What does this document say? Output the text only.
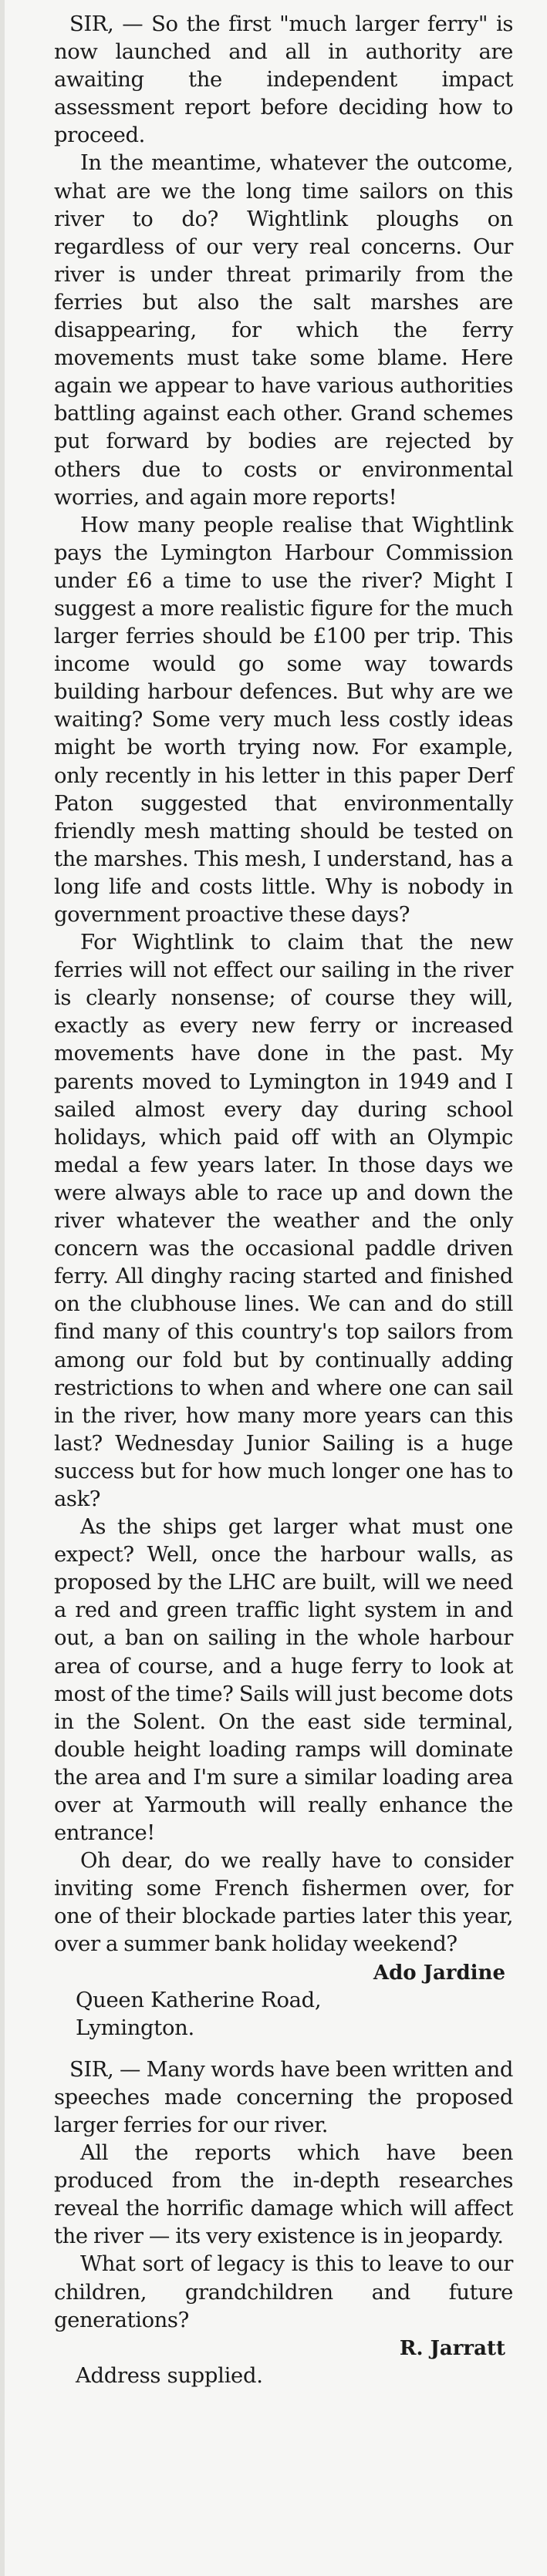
SIR, — So the first "much larger ferry" is now launched and all in authority are awaiting the independent impact assessment report before deciding how to proceed.

In the meantime, whatever the outcome, what are we the long time sailors on this river to do? Wightlink ploughs on regardless of our very real concerns. Our river is under threat primarily from the ferries but also the salt marshes are disappearing, for which the ferry movements must take some blame. Here again we appear to have various authorities battling against each other. Grand schemes put forward by bodies are rejected by others due to costs or environmental worries, and again more reports!

How many people realise that Wightlink pays the Lymington Harbour Commission under £6 a time to use the river? Might I suggest a more realistic figure for the much larger ferries should be £100 per trip. This income would go some way towards building harbour defences. But why are we waiting? Some very much less costly ideas might be worth trying now. For example, only recently in his letter in this paper Derf Paton suggested that environmentally friendly mesh matting should be tested on the marshes. This mesh, I understand, has a long life and costs little. Why is nobody in government proactive these days?

For Wightlink to claim that the new ferries will not effect our sailing in the river is clearly nonsense; of course they will, exactly as every new ferry or increased movements have done in the past. My parents moved to Lymington in 1949 and I sailed almost every day during school holidays, which paid off with an Olympic medal a few years later. In those days we were always able to race up and down the river whatever the weather and the only concern was the occasional paddle driven ferry. All dinghy racing started and finished on the clubhouse lines. We can and do still find many of this country's top sailors from among our fold but by continually adding restrictions to when and where one can sail in the river, how many more years can this last? Wednesday Junior Sailing is a huge success but for how much longer one has to ask?

As the ships get larger what must one expect? Well, once the harbour walls, as proposed by the LHC are built, will we need a red and green traffic light system in and out, a ban on sailing in the whole harbour area of course, and a huge ferry to look at most of the time? Sails will just become dots in the Solent. On the east side terminal, double height loading ramps will dominate the area and I'm sure a similar loading area over at Yarmouth will really enhance the entrance!

Oh dear, do we really have to consider inviting some French fishermen over, for one of their blockade parties later this year, over a summer bank holiday weekend?

Ado Jardine

Queen Katherine Road,

Lymington.

SIR, — Many words have been written and speeches made concerning the proposed larger ferries for our river.

All the reports which have been produced from the in-depth researches reveal the horrific damage which will affect the river — its very existence is in jeopardy.

What sort of legacy is this to leave to our children, grandchildren and future generations?

R. Jarratt

Address supplied.
